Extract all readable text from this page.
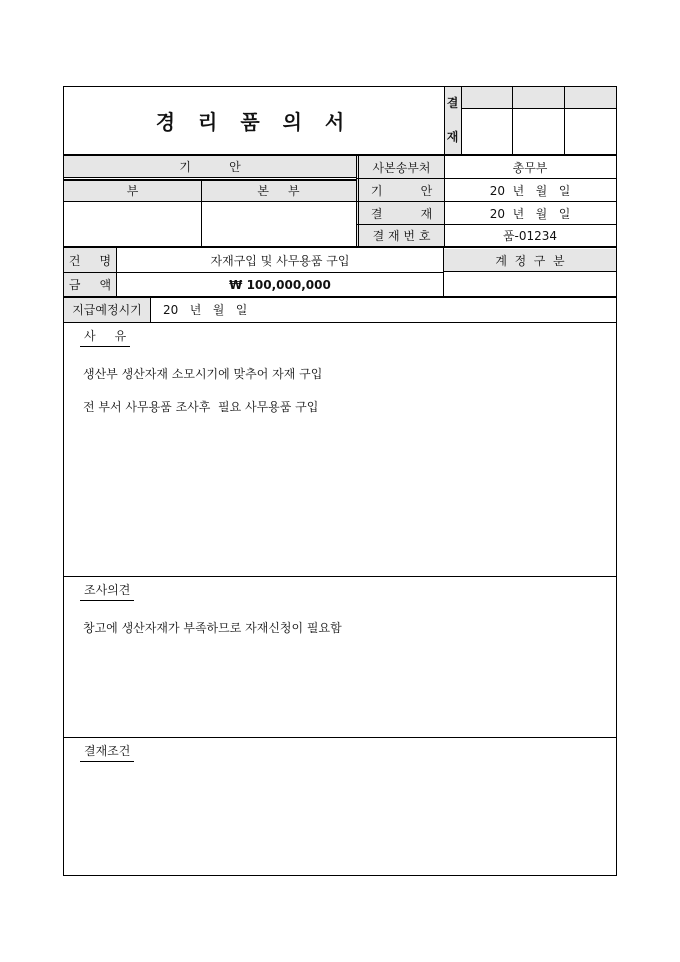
경 리 품 의 서
결
재
기          안
부	본     부
사본송부처	총무부
기          안	20  년   월   일
결          재	20  년   월   일
결 재 번 호	품-01234
건     명	자재구입 및 사무용품 구입
금     액	₩ 100,000,000
계  정  구  분
지급예정시기	20   년   월   일
사     유
생산부 생산자재 소모시기에 맞추어 자재 구입
전 부서 사무용품 조사후  필요 사무용품 구입
조사의견
창고에 생산자재가 부족하므로 자재신청이 필요함
결재조건
